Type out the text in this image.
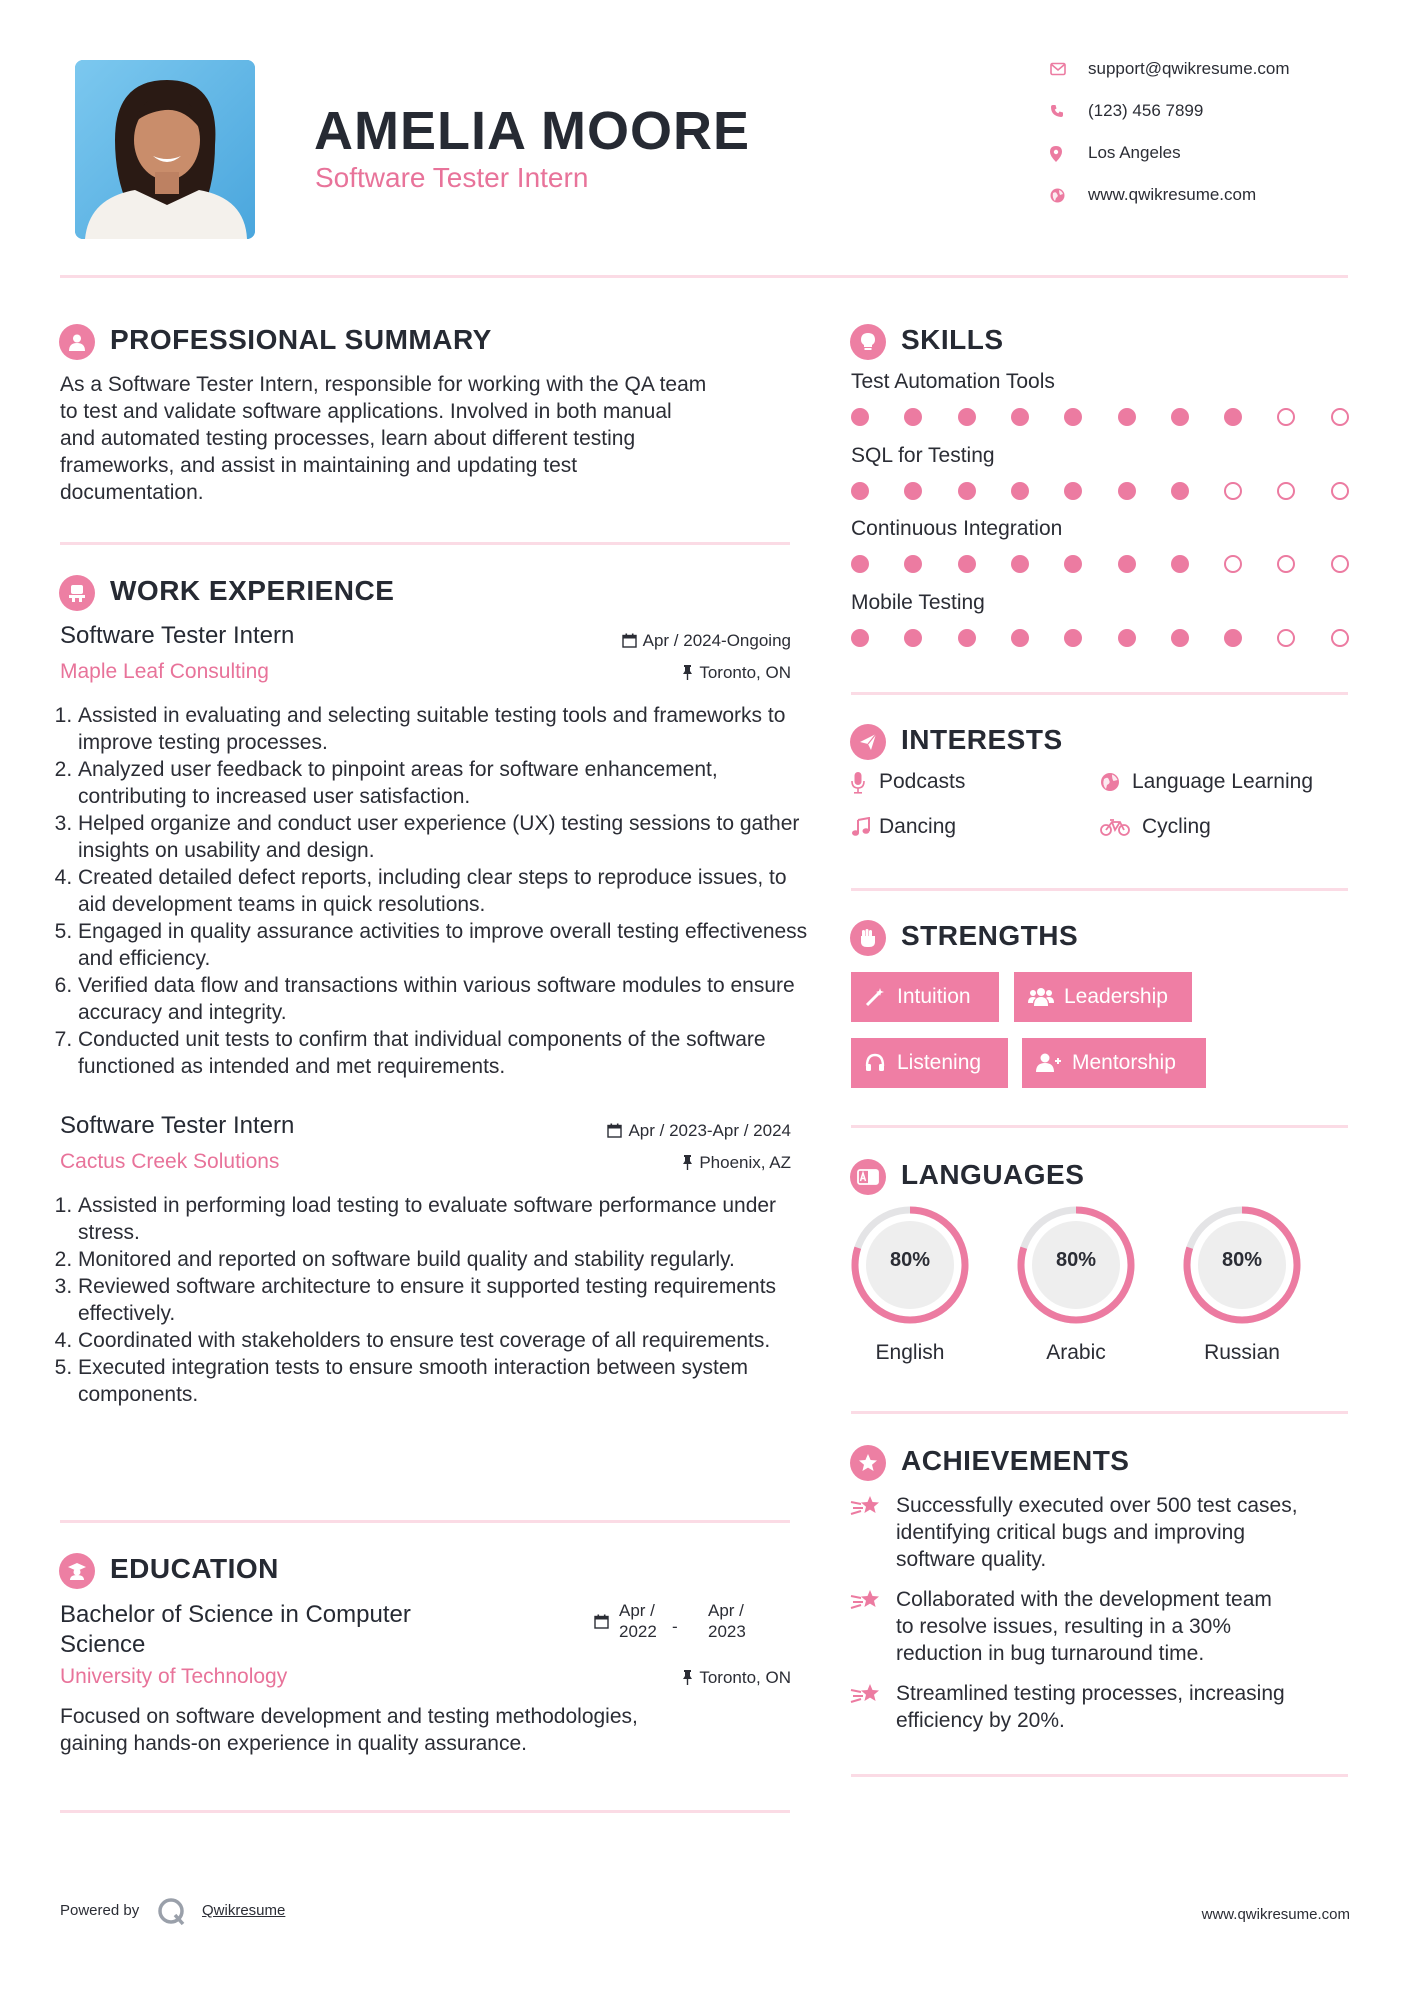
AMELIA MOORE
Software Tester Intern
support@qwikresume.com
(123) 456 7899
Los Angeles
www.qwikresume.com
PROFESSIONAL SUMMARY
As a Software Tester Intern, responsible for working with the QA team
to test and validate software applications. Involved in both manual
and automated testing processes, learn about different testing
frameworks, and assist in maintaining and updating test
documentation.
WORK EXPERIENCE
Software Tester Intern	Apr / 2024-Ongoing
Maple Leaf Consulting	Toronto, ON
1. Assisted in evaluating and selecting suitable testing tools and frameworks to improve testing processes.
2. Analyzed user feedback to pinpoint areas for software enhancement, contributing to increased user satisfaction.
3. Helped organize and conduct user experience (UX) testing sessions to gather insights on usability and design.
4. Created detailed defect reports, including clear steps to reproduce issues, to aid development teams in quick resolutions.
5. Engaged in quality assurance activities to improve overall testing effectiveness and efficiency.
6. Verified data flow and transactions within various software modules to ensure accuracy and integrity.
7. Conducted unit tests to confirm that individual components of the software functioned as intended and met requirements.
Software Tester Intern	Apr / 2023-Apr / 2024
Cactus Creek Solutions	Phoenix, AZ
1. Assisted in performing load testing to evaluate software performance under stress.
2. Monitored and reported on software build quality and stability regularly.
3. Reviewed software architecture to ensure it supported testing requirements effectively.
4. Coordinated with stakeholders to ensure test coverage of all requirements.
5. Executed integration tests to ensure smooth interaction between system components.
EDUCATION
Bachelor of Science in Computer
Science
Apr / 2022 -
Apr / 2023
University of Technology	Toronto, ON
Focused on software development and testing methodologies,
gaining hands-on experience in quality assurance.
SKILLS
Test Automation Tools
SQL for Testing
Continuous Integration
Mobile Testing
INTERESTS
Podcasts	Language Learning
Dancing	Cycling
STRENGTHS
Intuition	Leadership
Listening	Mentorship
LANGUAGES
80%
English
80%
Arabic
80%
Russian
ACHIEVEMENTS
Successfully executed over 500 test cases,
identifying critical bugs and improving
software quality.
Collaborated with the development team
to resolve issues, resulting in a 30%
reduction in bug turnaround time.
Streamlined testing processes, increasing
efficiency by 20%.
Powered by	Qwikresume	www.qwikresume.com
